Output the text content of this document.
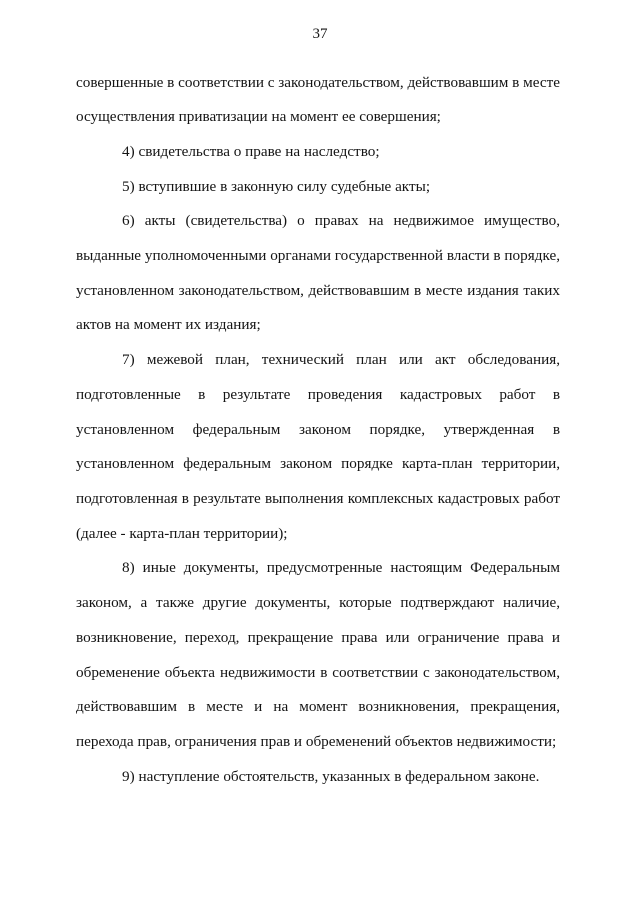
37
совершенные в соответствии с законодательством, действовавшим в месте
осуществления приватизации на момент ее совершения;
4) свидетельства о праве на наследство;
5) вступившие в законную силу судебные акты;
6) акты (свидетельства) о правах на недвижимое имущество,
выданные уполномоченными органами государственной власти в порядке,
установленном законодательством, действовавшим в месте издания таких
актов на момент их издания;
7) межевой план, технический план или акт обследования,
подготовленные в результате проведения кадастровых работ в
установленном федеральным законом порядке, утвержденная в
установленном федеральным законом порядке карта-план территории,
подготовленная в результате выполнения комплексных кадастровых работ
(далее - карта-план территории);
8) иные документы, предусмотренные настоящим Федеральным
законом, а также другие документы, которые подтверждают наличие,
возникновение, переход, прекращение права или ограничение права и
обременение объекта недвижимости в соответствии с законодательством,
действовавшим в месте и на момент возникновения, прекращения,
перехода прав, ограничения прав и обременений объектов недвижимости;
9) наступление обстоятельств, указанных в федеральном законе.
